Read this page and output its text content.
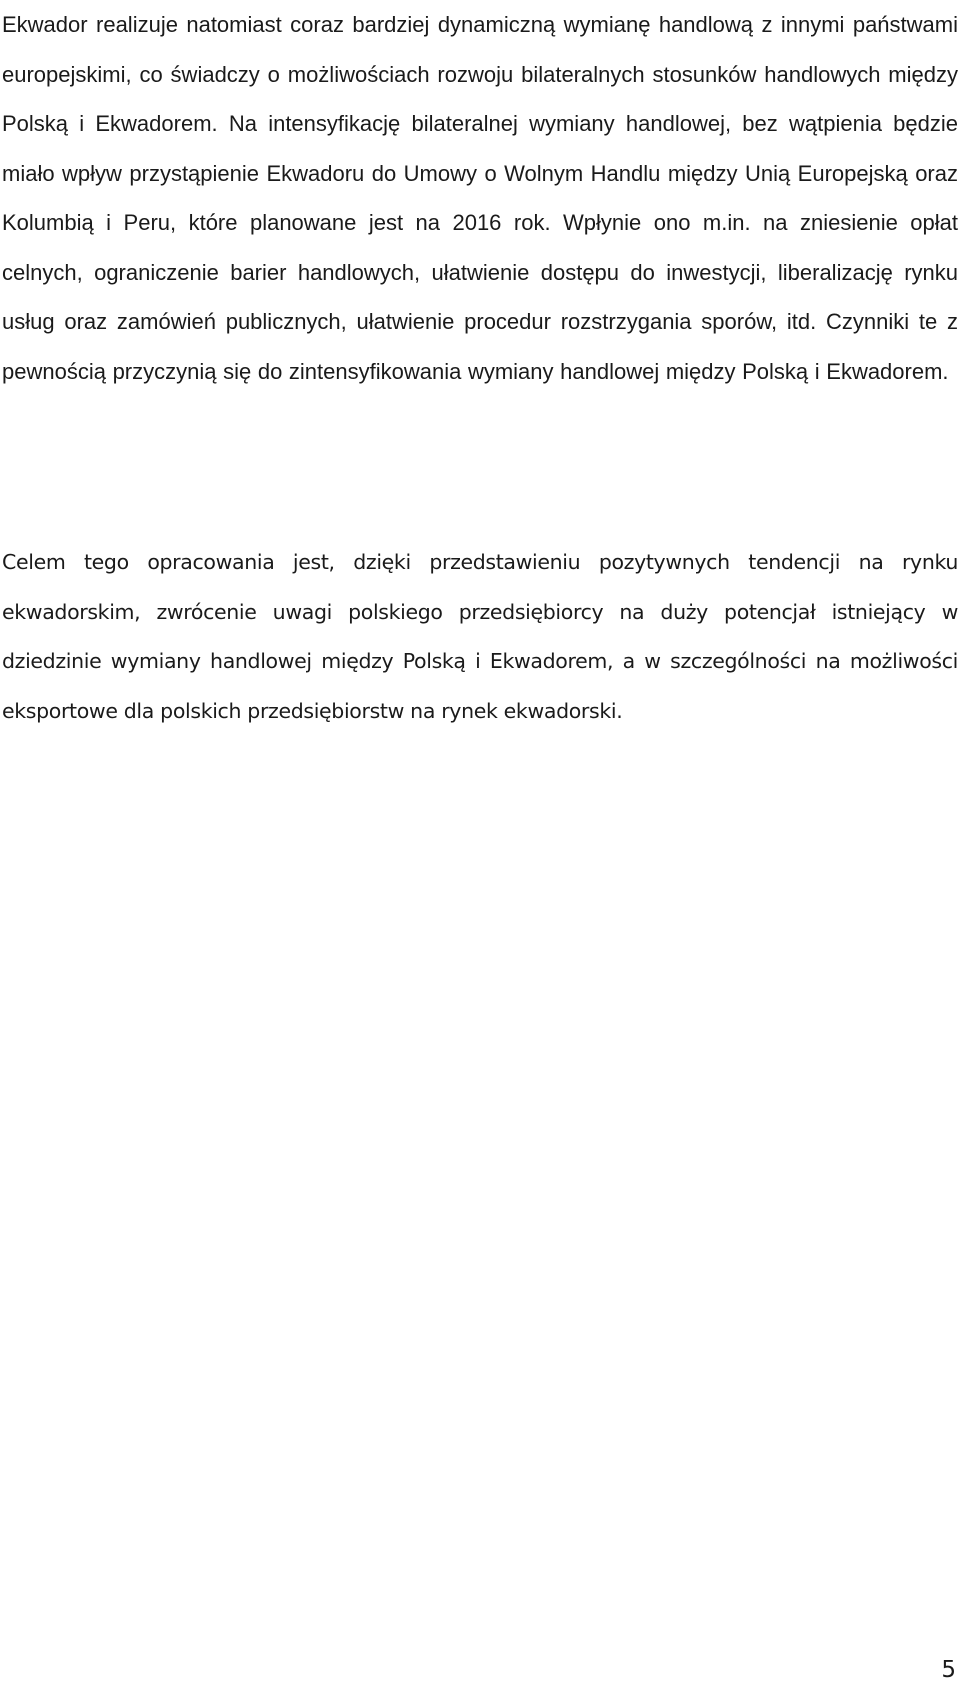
Ekwador realizuje natomiast coraz bardziej dynamiczną wymianę handlową z innymi państwami europejskimi, co świadczy o możliwościach rozwoju bilateralnych stosunków handlowych między Polską i Ekwadorem. Na intensyfikację bilateralnej wymiany handlowej, bez wątpienia będzie miało wpływ przystąpienie Ekwadoru do Umowy o Wolnym Handlu między Unią Europejską oraz Kolumbią i Peru, które planowane jest na 2016 rok. Wpłynie ono m.in. na zniesienie opłat celnych, ograniczenie barier handlowych, ułatwienie dostępu do inwestycji, liberalizację rynku usług oraz zamówień publicznych, ułatwienie procedur rozstrzygania sporów, itd. Czynniki te z pewnością przyczynią się do zintensyfikowania wymiany handlowej między Polską i Ekwadorem.

Celem tego opracowania jest, dzięki przedstawieniu pozytywnych tendencji na rynku ekwadorskim, zwrócenie uwagi polskiego przedsiębiorcy na duży potencjał istniejący w dziedzinie wymiany handlowej między Polską i Ekwadorem, a w szczególności na możliwości eksportowe dla polskich przedsiębiorstw na rynek ekwadorski.

5
